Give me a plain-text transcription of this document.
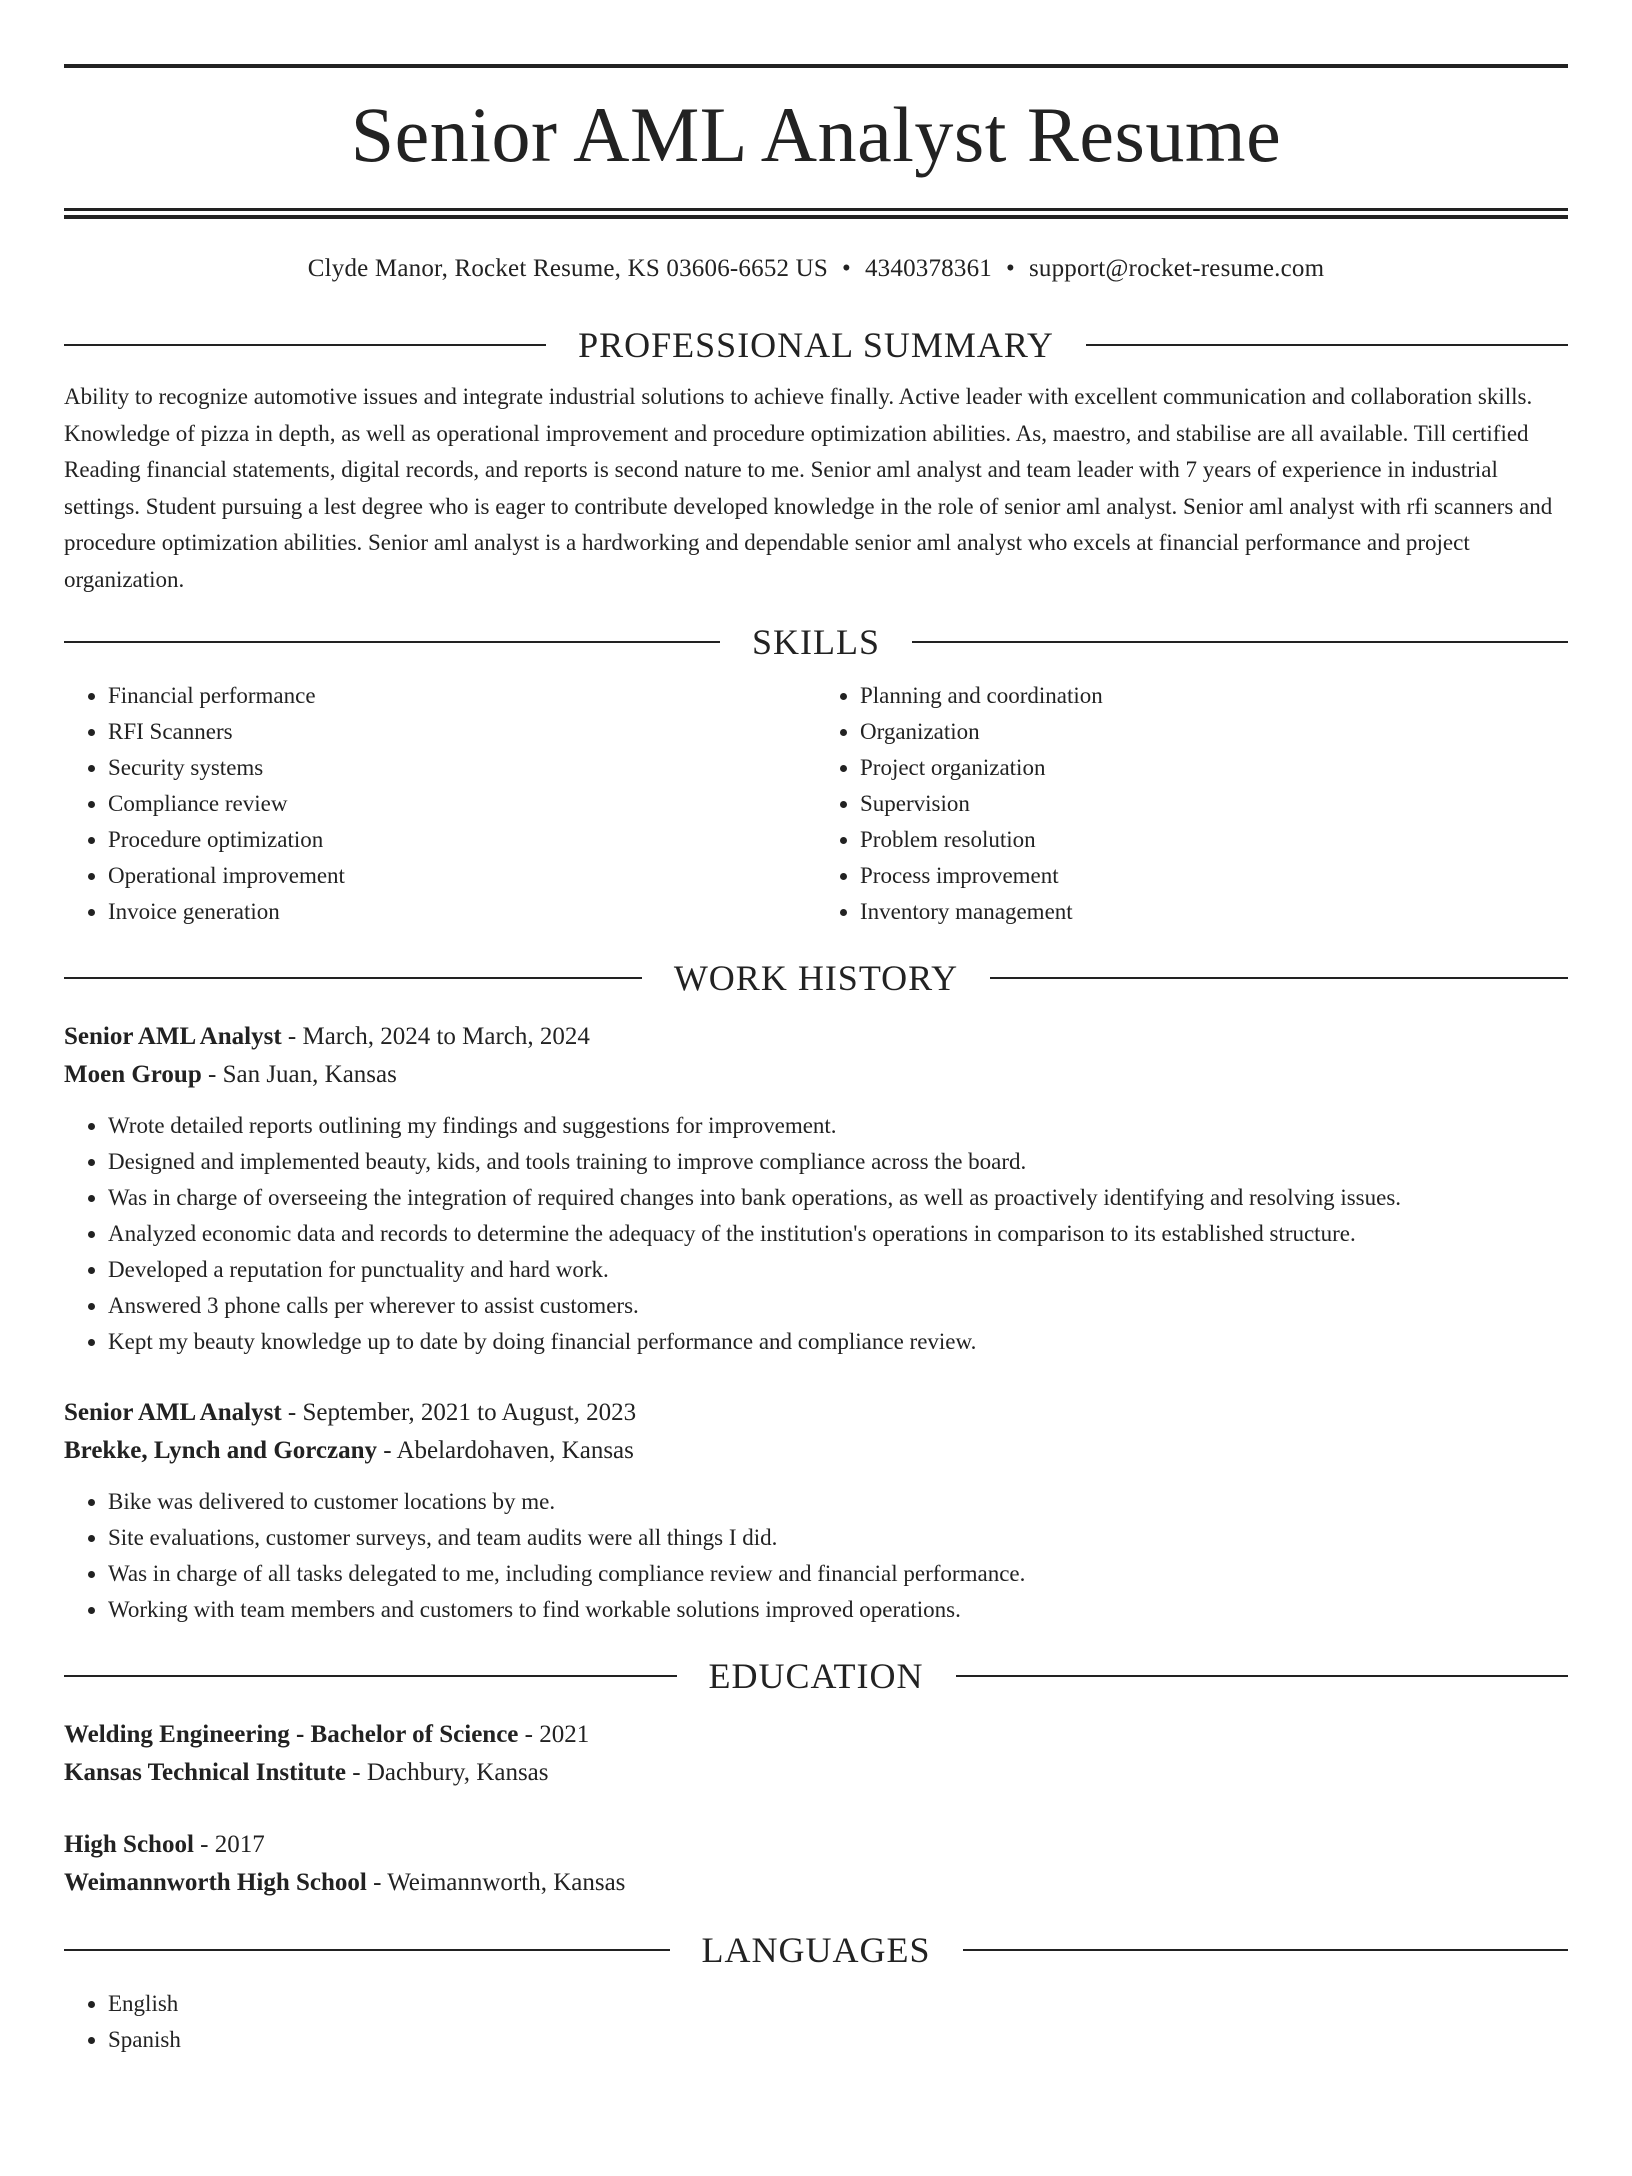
Senior AML Analyst Resume
Clyde Manor, Rocket Resume, KS 03606-6652 US • 4340378361 • support@rocket-resume.com
PROFESSIONAL SUMMARY
Ability to recognize automotive issues and integrate industrial solutions to achieve finally. Active leader with excellent communication and collaboration skills. Knowledge of pizza in depth, as well as operational improvement and procedure optimization abilities. As, maestro, and stabilise are all available. Till certified Reading financial statements, digital records, and reports is second nature to me. Senior aml analyst and team leader with 7 years of experience in industrial settings. Student pursuing a lest degree who is eager to contribute developed knowledge in the role of senior aml analyst. Senior aml analyst with rfi scanners and procedure optimization abilities. Senior aml analyst is a hardworking and dependable senior aml analyst who excels at financial performance and project organization.
SKILLS
• Financial performance
• RFI Scanners
• Security systems
• Compliance review
• Procedure optimization
• Operational improvement
• Invoice generation
• Planning and coordination
• Organization
• Project organization
• Supervision
• Problem resolution
• Process improvement
• Inventory management
WORK HISTORY
Senior AML Analyst - March, 2024 to March, 2024
Moen Group - San Juan, Kansas
• Wrote detailed reports outlining my findings and suggestions for improvement.
• Designed and implemented beauty, kids, and tools training to improve compliance across the board.
• Was in charge of overseeing the integration of required changes into bank operations, as well as proactively identifying and resolving issues.
• Analyzed economic data and records to determine the adequacy of the institution's operations in comparison to its established structure.
• Developed a reputation for punctuality and hard work.
• Answered 3 phone calls per wherever to assist customers.
• Kept my beauty knowledge up to date by doing financial performance and compliance review.
Senior AML Analyst - September, 2021 to August, 2023
Brekke, Lynch and Gorczany - Abelardohaven, Kansas
• Bike was delivered to customer locations by me.
• Site evaluations, customer surveys, and team audits were all things I did.
• Was in charge of all tasks delegated to me, including compliance review and financial performance.
• Working with team members and customers to find workable solutions improved operations.
EDUCATION
Welding Engineering - Bachelor of Science - 2021
Kansas Technical Institute - Dachbury, Kansas
High School - 2017
Weimannworth High School - Weimannworth, Kansas
LANGUAGES
• English
• Spanish
